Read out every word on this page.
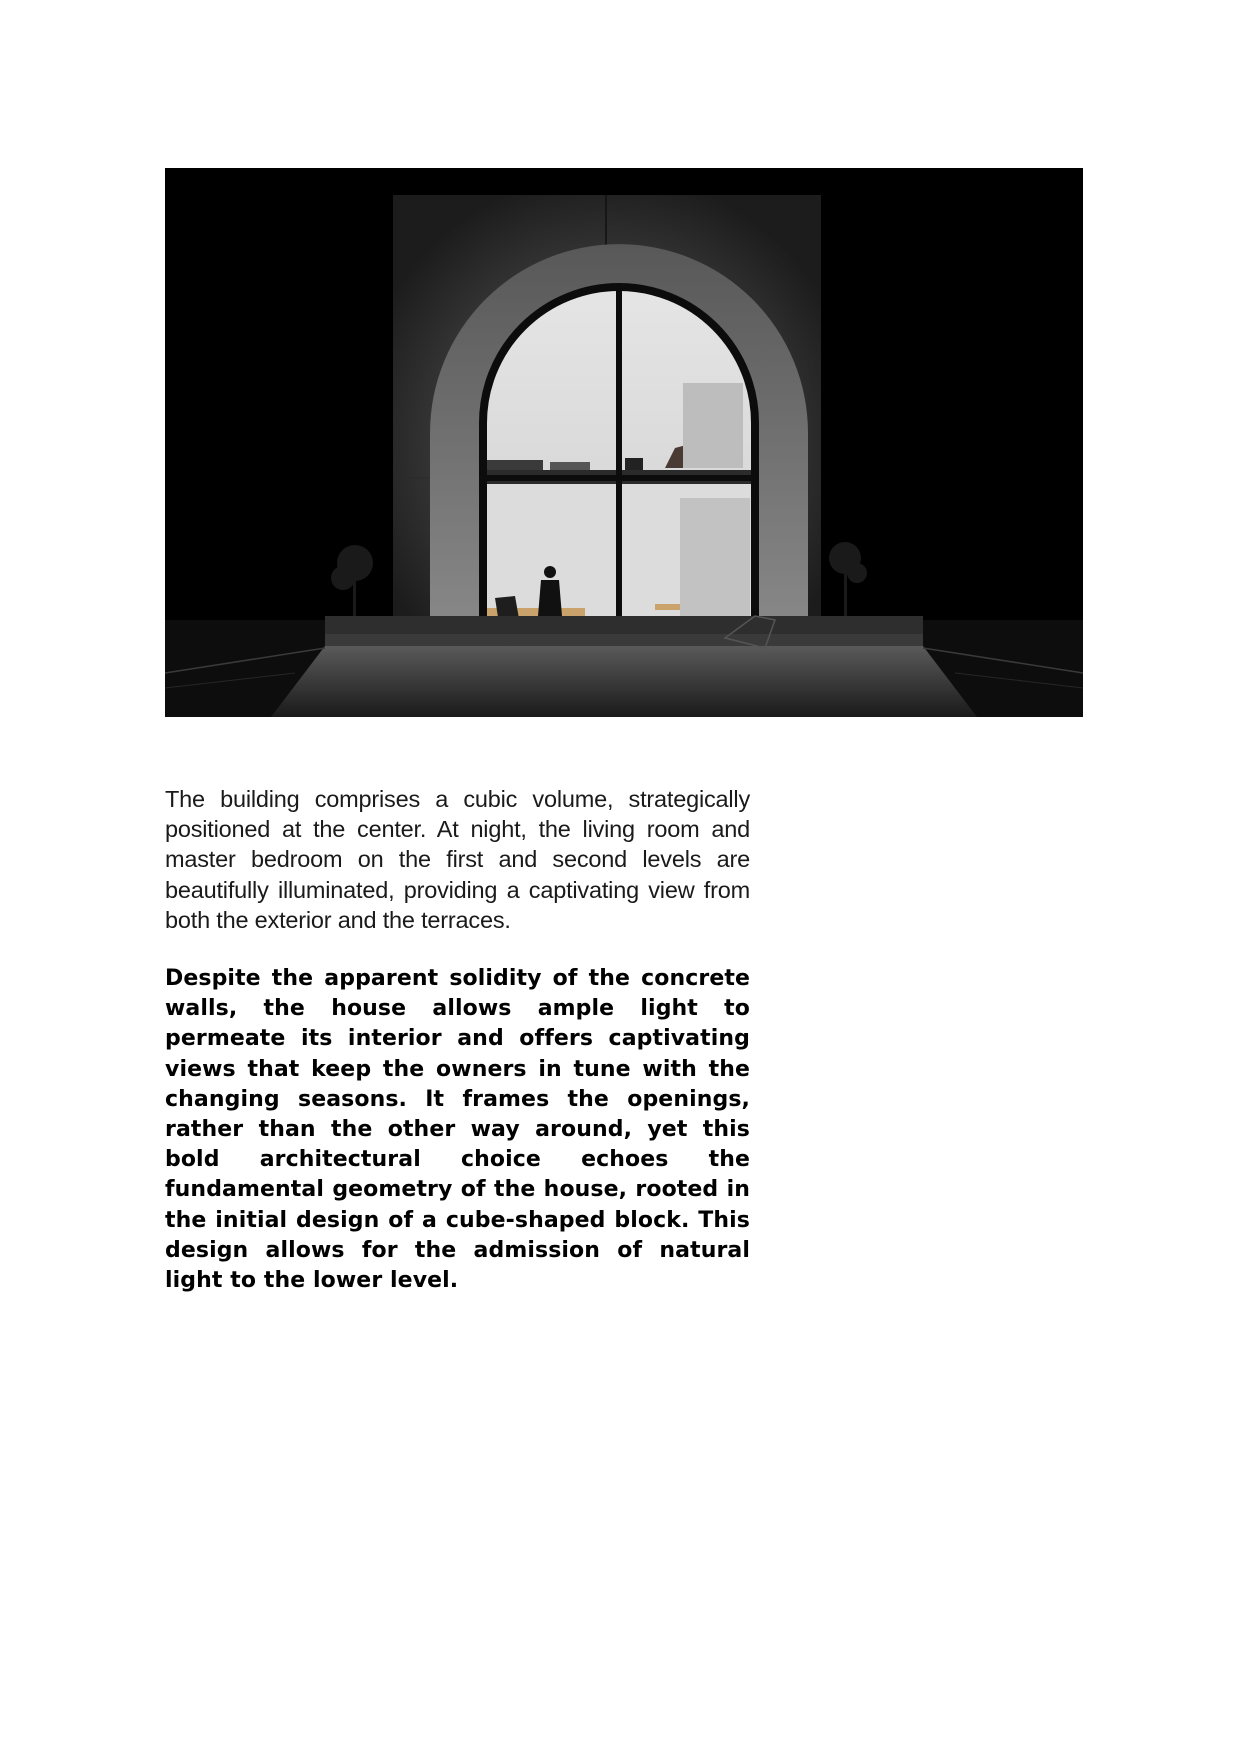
The building comprises a cubic volume, strategically positioned at the center. At night, the living room and master bedroom on the first and second levels are beautifully illuminated, providing a captivating view from both the exterior and the terraces.

Despite the apparent solidity of the concrete walls, the house allows ample light to permeate its interior and offers captivating views that keep the owners in tune with the changing seasons. It frames the openings, rather than the other way around, yet this bold architectural choice echoes the fundamental geometry of the house, rooted in the initial design of a cube-shaped block. This design allows for the admission of natural light to the lower level.
